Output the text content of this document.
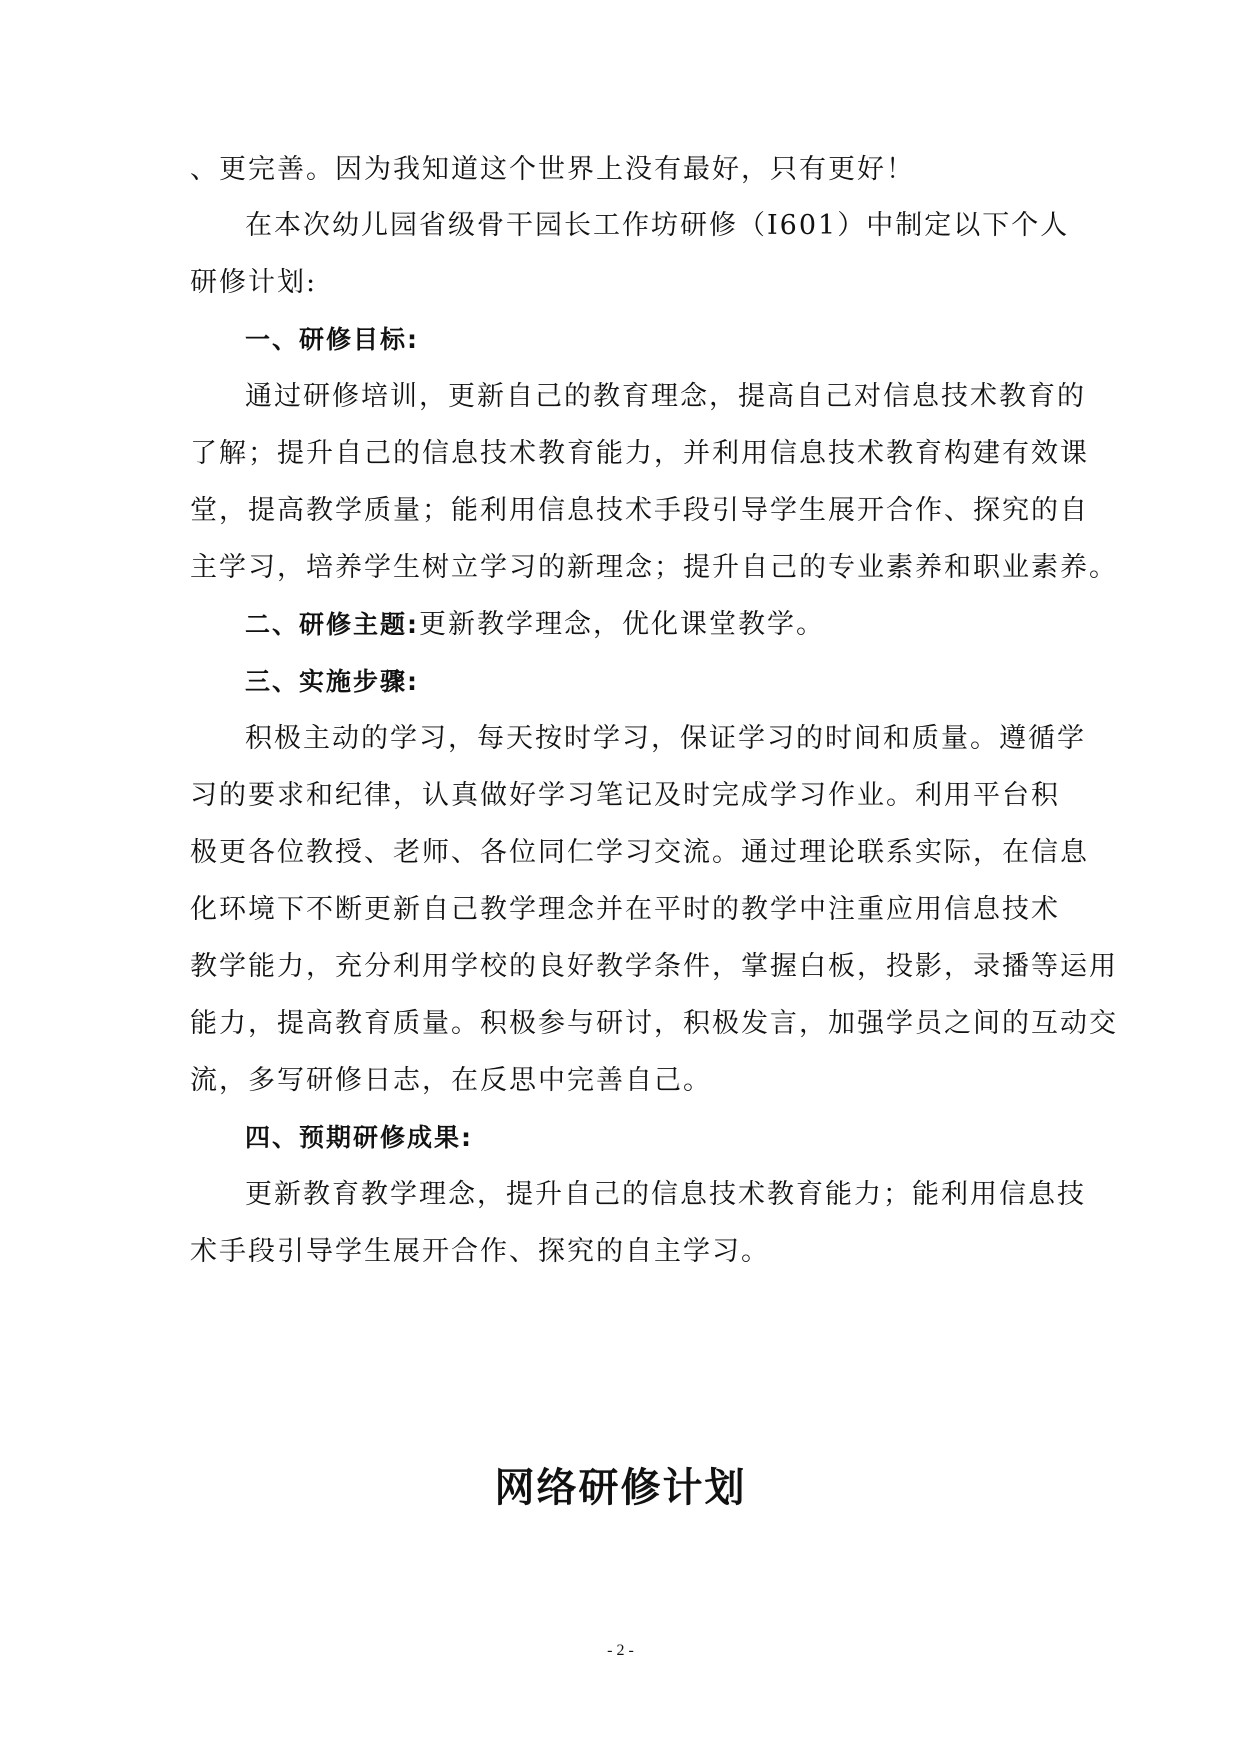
、更完善。因为我知道这个世界上没有最好，只有更好！
在本次幼儿园省级骨干园长工作坊研修（I601）中制定以下个人
研修计划:
一、研修目标:
通过研修培训，更新自己的教育理念，提高自己对信息技术教育的
了解；提升自己的信息技术教育能力，并利用信息技术教育构建有效课
堂，提高教学质量；能利用信息技术手段引导学生展开合作、探究的自
主学习，培养学生树立学习的新理念；提升自己的专业素养和职业素养。
二、研修主题:更新教学理念，优化课堂教学。
三、实施步骤:
积极主动的学习，每天按时学习，保证学习的时间和质量。遵循学
习的要求和纪律，认真做好学习笔记及时完成学习作业。利用平台积
极更各位教授、老师、各位同仁学习交流。通过理论联系实际，在信息
化环境下不断更新自己教学理念并在平时的教学中注重应用信息技术
教学能力，充分利用学校的良好教学条件，掌握白板，投影，录播等运用
能力，提高教育质量。积极参与研讨，积极发言，加强学员之间的互动交
流，多写研修日志，在反思中完善自己。
四、预期研修成果:
更新教育教学理念，提升自己的信息技术教育能力；能利用信息技
术手段引导学生展开合作、探究的自主学习。
网络研修计划
- 2 -
